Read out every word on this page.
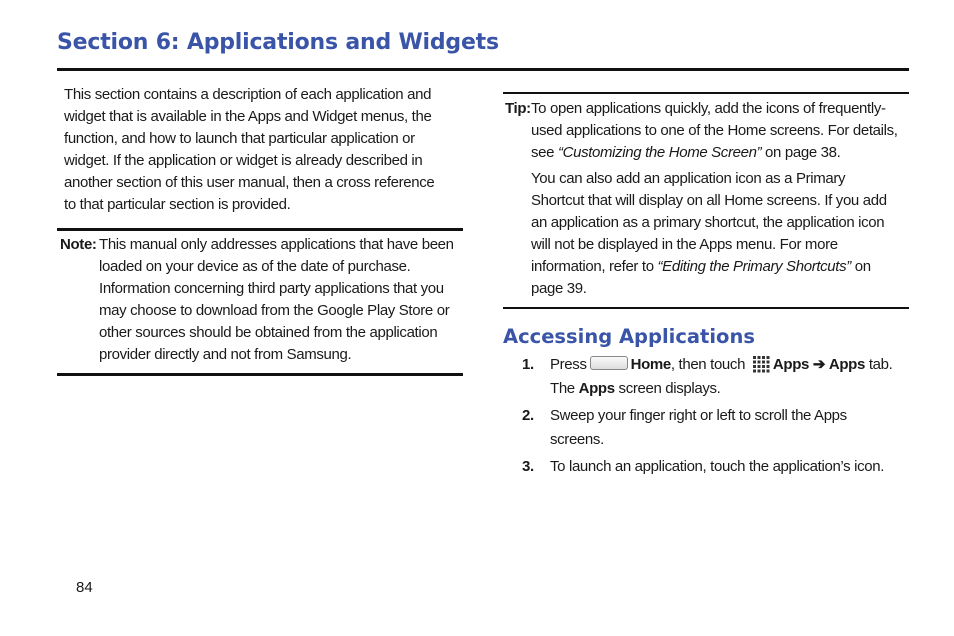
Section 6: Applications and Widgets
This section contains a description of each application and
widget that is available in the Apps and Widget menus, the
function, and how to launch that particular application or
widget. If the application or widget is already described in
another section of this user manual, then a cross reference
to that particular section is provided.
Note: This manual only addresses applications that have been
loaded on your device as of the date of purchase.
Information concerning third party applications that you
may choose to download from the Google Play Store or
other sources should be obtained from the application
provider directly and not from Samsung.
Tip: To open applications quickly, add the icons of frequently-
used applications to one of the Home screens. For details,
see “Customizing the Home Screen” on page 38.
You can also add an application icon as a Primary
Shortcut that will display on all Home screens. If you add
an application as a primary shortcut, the application icon
will not be displayed in the Apps menu. For more
information, refer to “Editing the Primary Shortcuts” on
page 39.
Accessing Applications
1. Press	Home, then touch Apps ➔ Apps tab.
The Apps screen displays.
2. Sweep your finger right or left to scroll the Apps
screens.
3. To launch an application, touch the application’s icon.
84
